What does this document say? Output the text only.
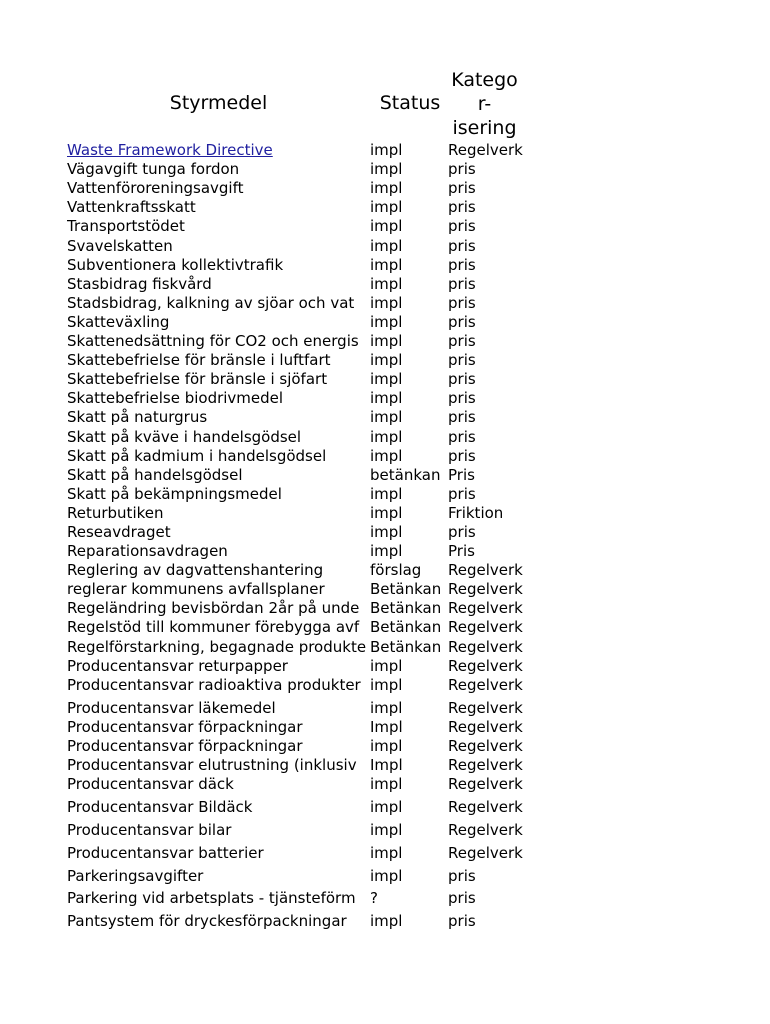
Styrmedel	Status
Katego
r-
isering
Waste Framework Directive	impl	Regelverk
Vägavgift tunga fordon	impl	pris
Vattenföroreningsavgift	impl	pris
Vattenkraftsskatt	impl	pris
Transportstödet	impl	pris
Svavelskatten	impl	pris
Subventionera kollektivtrafik	impl	pris
Stasbidrag fiskvård	impl	pris
Stadsbidrag, kalkning av sjöar och vat	impl	pris
Skatteväxling	impl	pris
Skattenedsättning för CO2 och energis	impl	pris
Skattebefrielse för bränsle i luftfart	impl	pris
Skattebefrielse för bränsle i sjöfart	impl	pris
Skattebefrielse biodrivmedel	impl	pris
Skatt på naturgrus	impl	pris
Skatt på kväve i handelsgödsel	impl	pris
Skatt på kadmium i handelsgödsel	impl	pris
Skatt på handelsgödsel	betänkan	Pris
Skatt på bekämpningsmedel	impl	pris
Returbutiken	impl	Friktion
Reseavdraget	impl	pris
Reparationsavdragen	impl	Pris
Reglering av dagvattenshantering	förslag	Regelverk
reglerar kommunens avfallsplaner	Betänkan	Regelverk
Regeländring bevisbördan 2år på unde	Betänkan	Regelverk
Regelstöd till kommuner förebygga avf	Betänkan	Regelverk
Regelförstarkning, begagnade produkte	Betänkan	Regelverk
Producentansvar returpapper	impl	Regelverk
Producentansvar radioaktiva produkter	impl	Regelverk
Producentansvar läkemedel	impl	Regelverk
Producentansvar förpackningar	Impl	Regelverk
Producentansvar förpackningar	impl	Regelverk
Producentansvar elutrustning (inklusiv	Impl	Regelverk
Producentansvar däck	impl	Regelverk
Producentansvar Bildäck	impl	Regelverk
Producentansvar bilar	impl	Regelverk
Producentansvar batterier	impl	Regelverk
Parkeringsavgifter	impl	pris
Parkering vid arbetsplats - tjänsteförm	?	pris
Pantsystem för dryckesförpackningar	impl	pris
